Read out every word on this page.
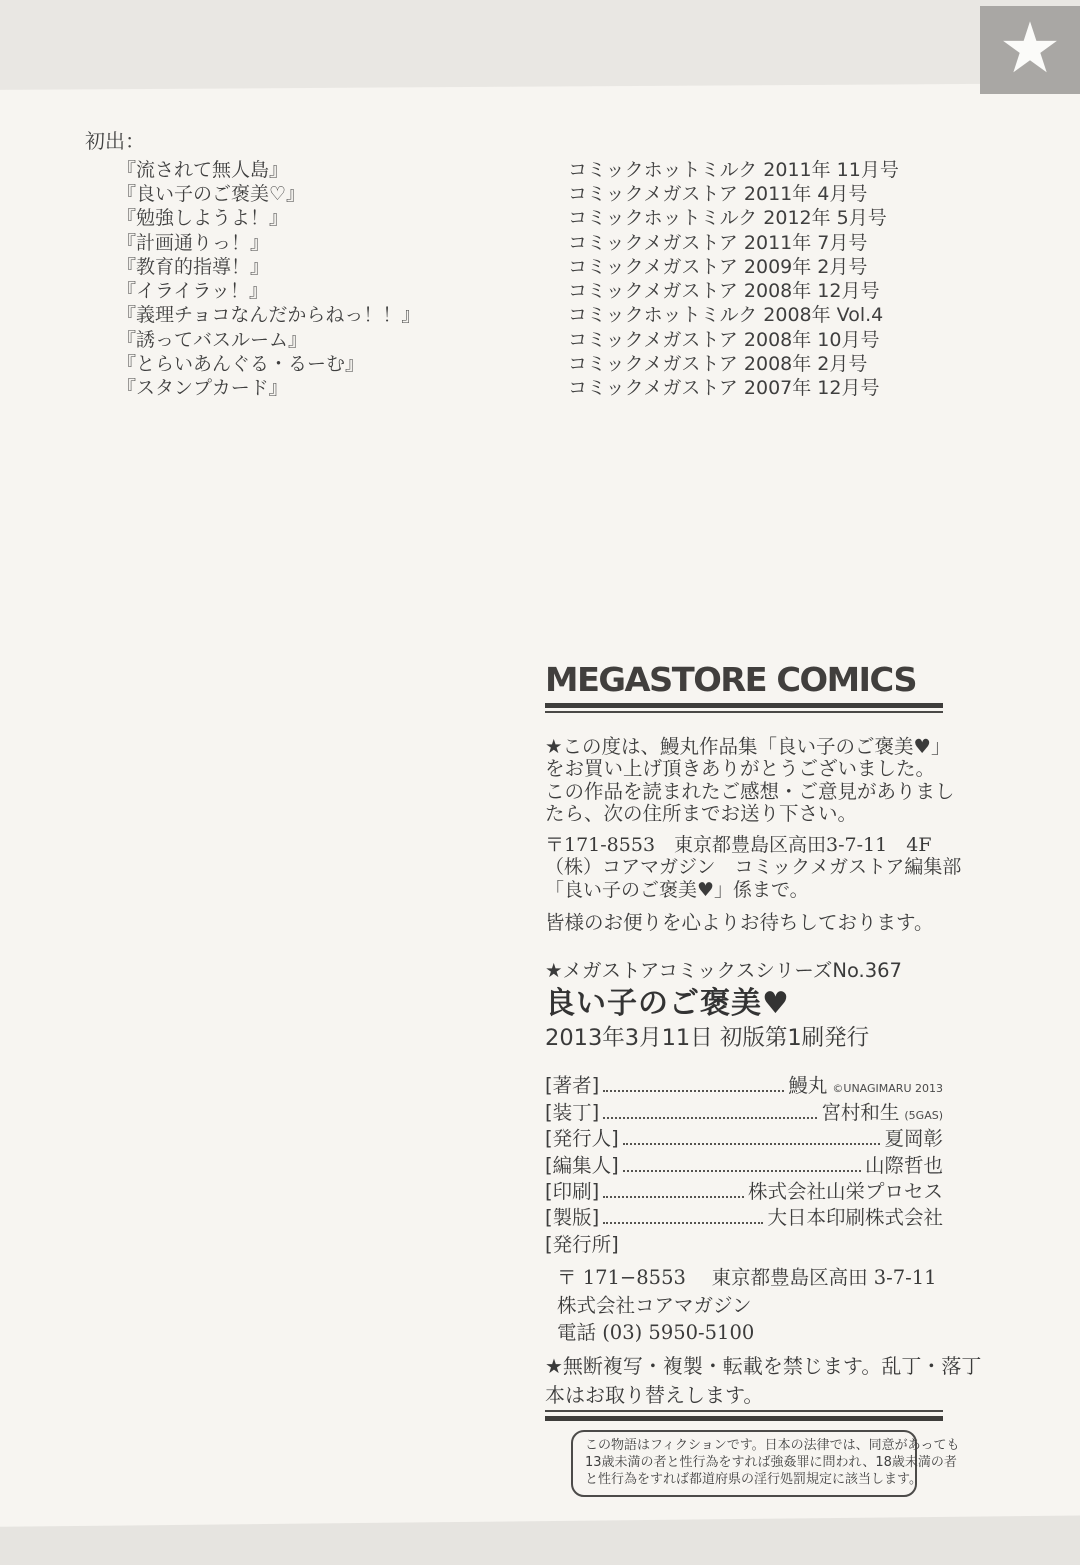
★
初出：
『流されて無人島』	コミックホットミルク 2011年 11月号
『良い子のご褒美♡』	コミックメガストア 2011年 4月号
『勉強しようよ！』	コミックホットミルク 2012年 5月号
『計画通りっ！』	コミックメガストア 2011年 7月号
『教育的指導！』	コミックメガストア 2009年 2月号
『イライラッ！』	コミックメガストア 2008年 12月号
『義理チョコなんだからねっ！！』	コミックホットミルク 2008年 Vol.4
『誘ってバスルーム』	コミックメガストア 2008年 10月号
『とらいあんぐる・るーむ』	コミックメガストア 2008年 2月号
『スタンプカード』	コミックメガストア 2007年 12月号
MEGASTORE COMICS
★この度は、鰻丸作品集「良い子のご褒美♥」
をお買い上げ頂きありがとうございました。
この作品を読まれたご感想・ご意見がありまし
たら、次の住所までお送り下さい。
〒171-8553　東京都豊島区高田3-7-11　4F
（株）コアマガジン　コミックメガストア編集部
「良い子のご褒美♥」係まで。
皆様のお便りを心よりお待ちしております。
★メガストアコミックスシリーズNo.367
良い子のご褒美♥
2013年3月11日 初版第1刷発行
[著者]	鰻丸 ©UNAGIMARU 2013
[装丁]	宮村和生 (5GAS)
[発行人]	夏岡彰
[編集人]	山際哲也
[印刷]	株式会社山栄プロセス
[製版]	大日本印刷株式会社
[発行所]
〒 171−8553　 東京都豊島区高田 3-7-11
株式会社コアマガジン
電話 (03) 5950-5100
★無断複写・複製・転載を禁じます。乱丁・落丁
本はお取り替えします。
この物語はフィクションです。日本の法律では、同意があっても
13歳未満の者と性行為をすれば強姦罪に問われ、18歳未満の者
と性行為をすれば都道府県の淫行処罰規定に該当します。
